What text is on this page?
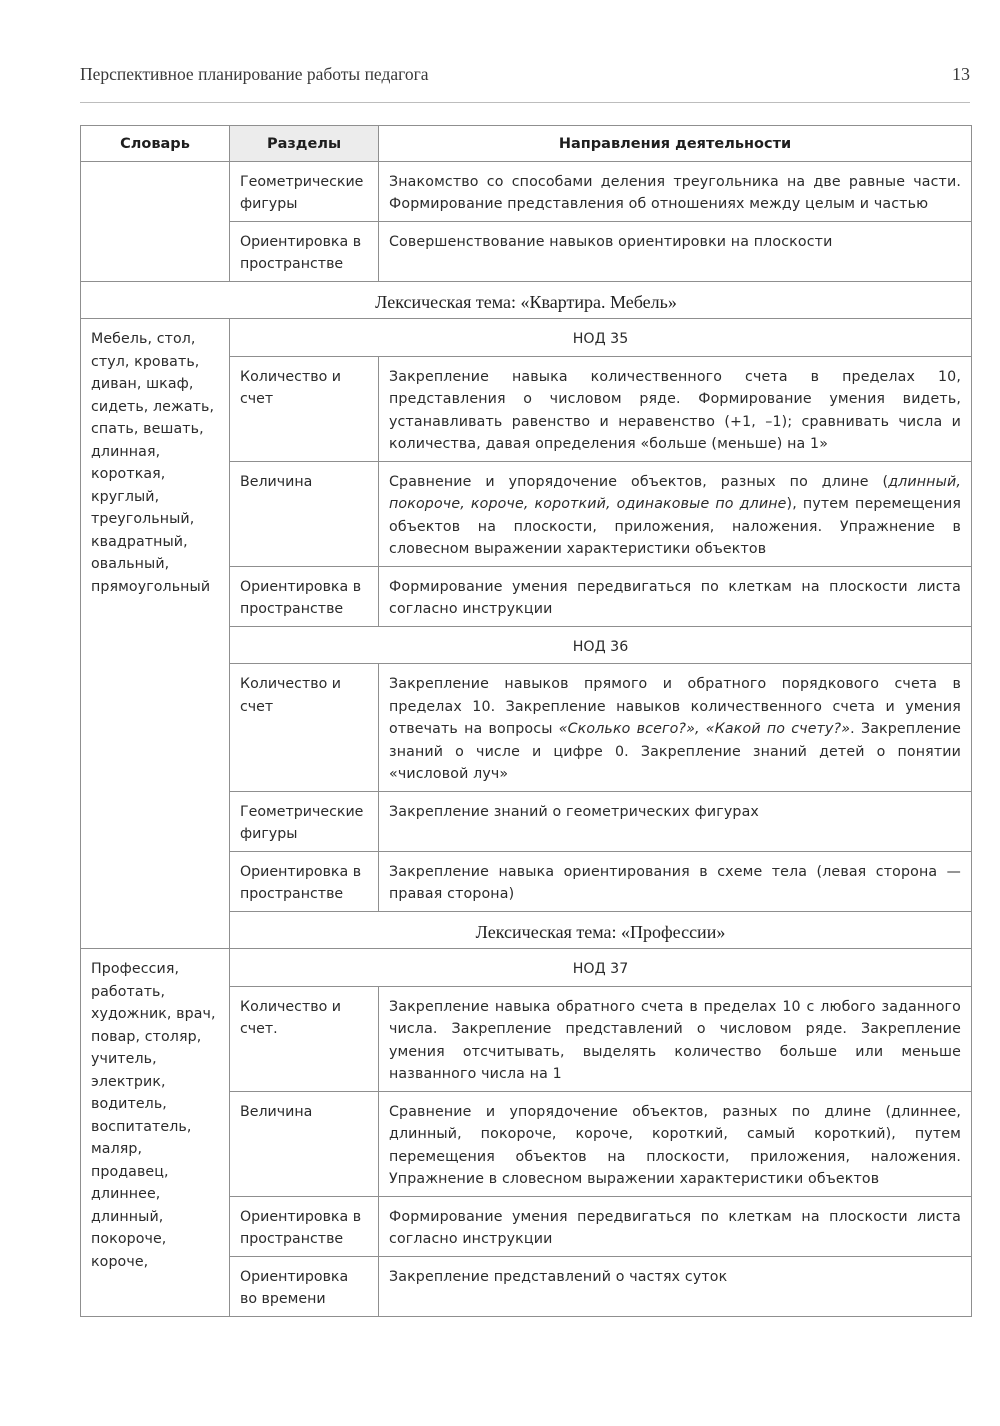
Перспективное планирование работы педагога	13
Словарь	Разделы	Направления деятельности
	Геометрические фигуры	Знакомство со способами деления треугольника на две равные части. Формирование представления об отношениях между целым и частью
	Ориентировка в пространстве	Совершенствование навыков ориентировки на плоскости
Лексическая тема: «Квартира. Мебель»		
Мебель, стол, стул, кровать, диван, шкаф, сидеть, лежать, спать, вешать, длинная, короткая, круглый, треугольный, квадратный, овальный, прямоугольный	НОД 35	
	Количество и счет	Закрепление навыка количественного счета в пределах 10, представления о числовом ряде. Формирование умения видеть, устанавливать равенство и неравенство (+1, –1); сравнивать числа и количества, давая определения «больше (меньше) на 1»
	Величина	Сравнение и упорядочение объектов, разных по длине (длинный, покороче, короче, короткий, одинаковые по длине), путем перемещения объектов на плоскости, приложения, наложения. Упражнение в словесном выражении характеристики объектов
	Ориентировка в пространстве	Формирование умения передвигаться по клеткам на плоскости листа согласно инструкции
	НОД 36	
	Количество и счет	Закрепление навыков прямого и обратного порядкового счета в пределах 10. Закрепление навыков количественного счета и умения отвечать на вопросы «Сколько всего?», «Какой по счету?». Закрепление знаний о числе и цифре 0. Закрепление знаний детей о понятии «числовой луч»
	Геометрические фигуры	Закрепление знаний о геометрических фигурах
	Ориентировка в пространстве	Закрепление навыка ориентирования в схеме тела (левая сторона — правая сторона)
	Лексическая тема: «Профессии»	
Профессия, работать, художник, врач, повар, столяр, учитель, электрик, водитель, воспитатель, маляр, продавец, длиннее, длинный, покороче, короче,	НОД 37	
	Количество и счет.	Закрепление навыка обратного счета в пределах 10 с любого заданного числа. Закрепление представлений о числовом ряде. Закрепление умения отсчитывать, выделять количество больше или меньше названного числа на 1
	Величина	Сравнение и упорядочение объектов, разных по длине (длиннее, длинный, покороче, короче, короткий, самый короткий), путем перемещения объектов на плоскости, приложения, наложения. Упражнение в словесном выражении характеристики объектов
	Ориентировка в пространстве	Формирование умения передвигаться по клеткам на плоскости листа согласно инструкции
	Ориентировка во времени	Закрепление представлений о частях суток
